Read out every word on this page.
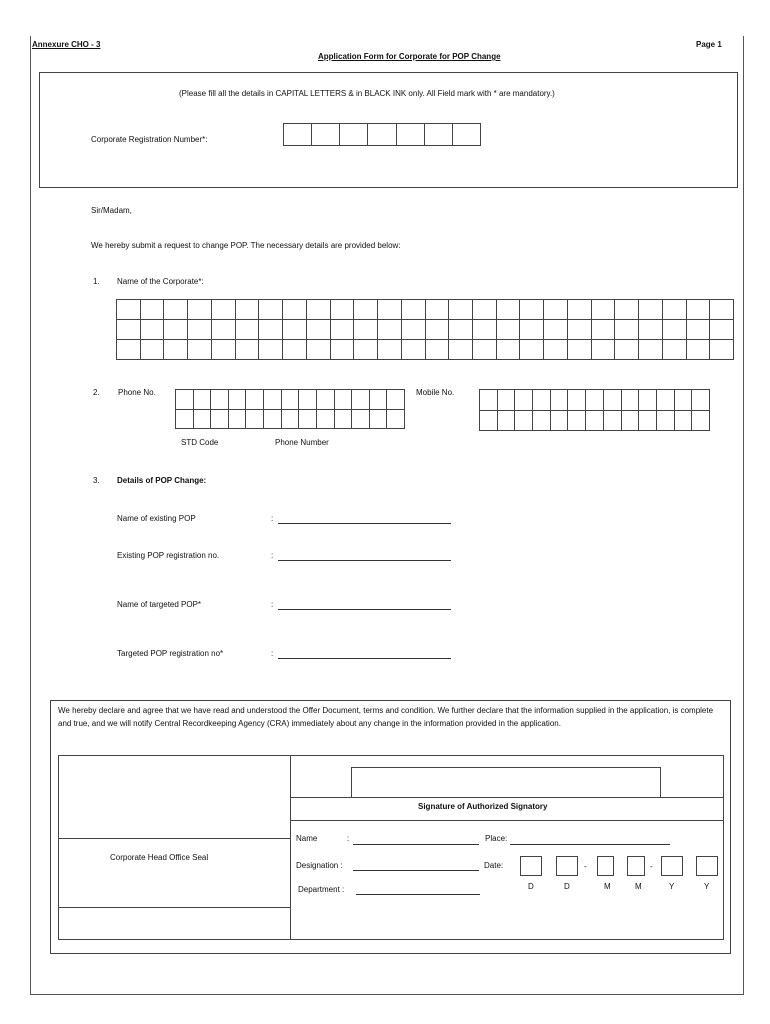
Annexure CHO - 3	Page 1
Application Form for Corporate for POP Change
(Please fill all the details in CAPITAL LETTERS & in BLACK INK only. All Field mark with * are mandatory.)
Corporate Registration Number*:
Sir/Madam,
We hereby submit a request to change POP. The necessary details are provided below:
1. Name of the Corporate*:
2. Phone No.
STD Code	Phone Number
Mobile No.
3. Details of POP Change:
Name of existing POP	:
Existing POP registration no.	:
Name of targeted POP*	:
Targeted POP registration no*	:
We hereby declare and agree that we have read and understood the Offer Document, terms and condition. We further declare that the information supplied in the application, is complete and true, and we will notify Central Recordkeeping Agency (CRA) immediately about any change in the information provided in the application.
Signature of Authorized Signatory
Corporate Head Office Seal
Name	:	Place:
Designation :	Date:	-	-
D	D	M	M	Y	Y
Department :
